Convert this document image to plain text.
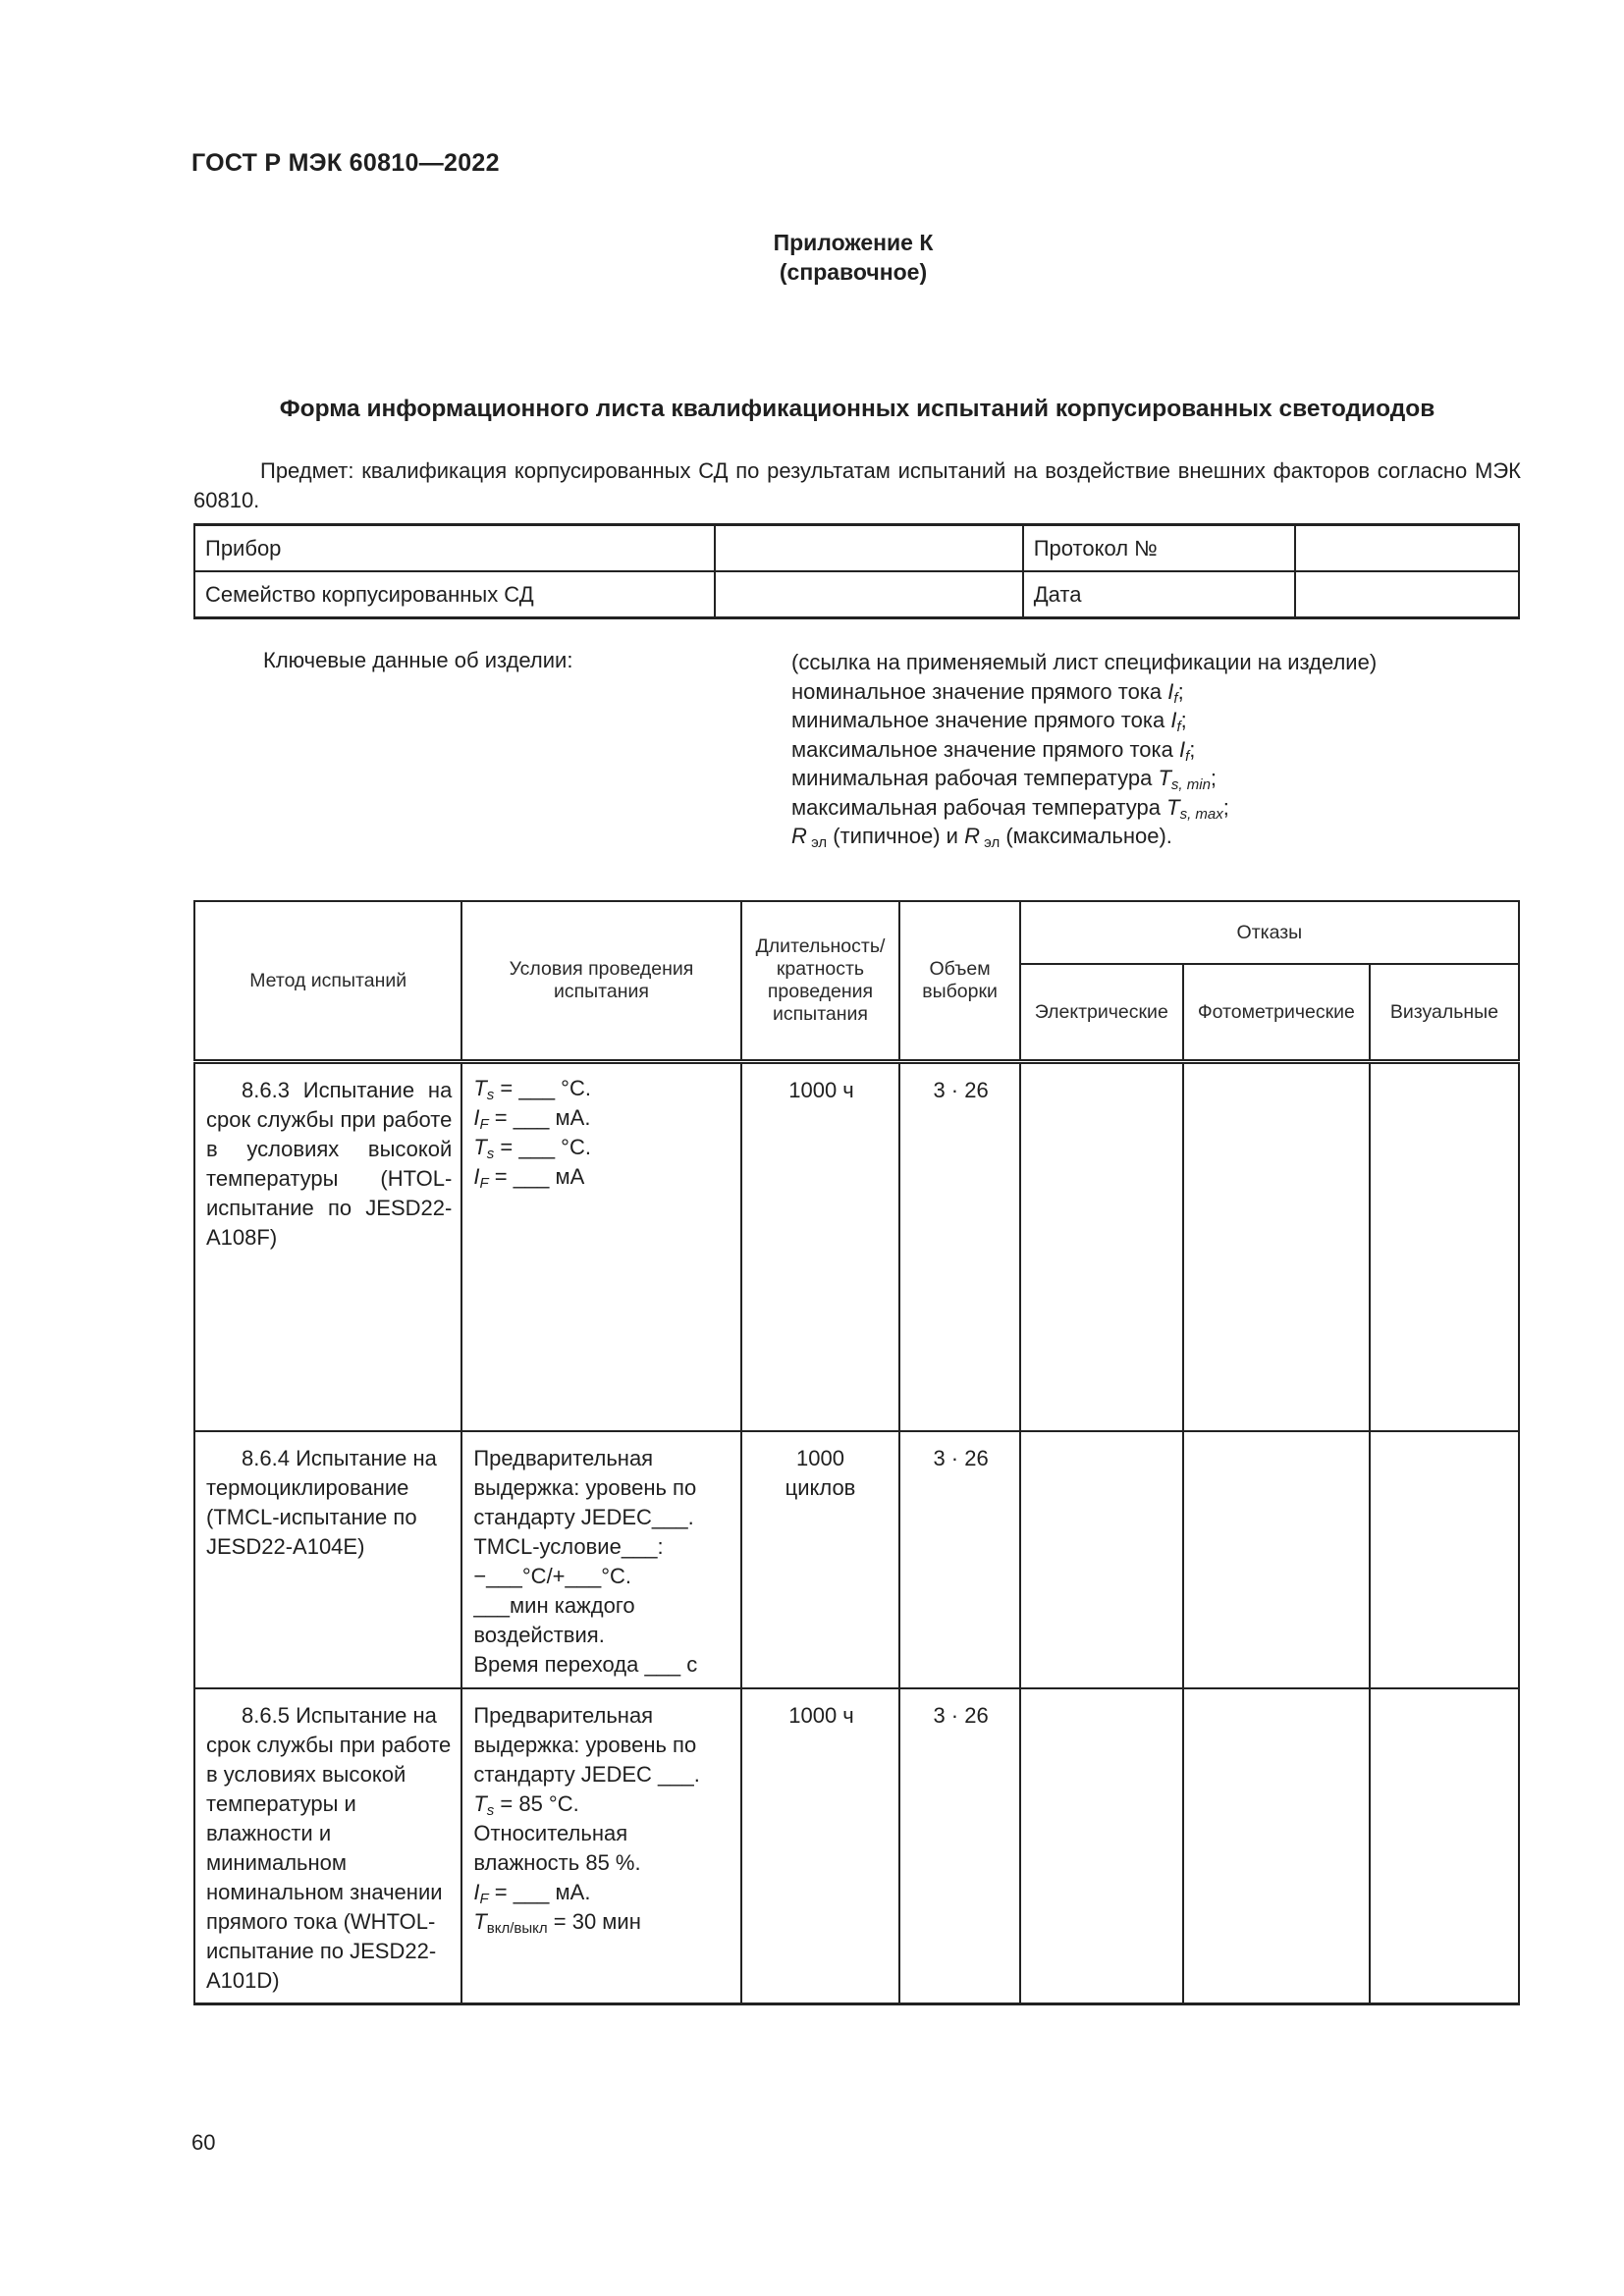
ГОСТ Р МЭК 60810—2022
Приложение К
(справочное)
Форма информационного листа квалификационных испытаний корпусированных светодиодов
Предмет: квалификация корпусированных СД по результатам испытаний на воздействие внешних факторов согласно МЭК 60810.
Прибор		Протокол №	
Семейство корпусированных СД		Дата	
Ключевые данные об изделии:	(ссылка на применяемый лист спецификации на изделие)
номинальное значение прямого тока $I_f$;
минимальное значение прямого тока $I_f$;
максимальное значение прямого тока $I_f$;
минимальная рабочая температура $T_{s, min}$;
максимальная рабочая температура $T_{s, max}$;
R $_{эл}$ (типичное) и R $_{эл}$ (максимальное).
Метод испытаний	Условия проведения испытания	Длительность/ кратность проведения испытания	Объем выборки	Отказы		

				Электрические	Фотометрические	Визуальные

8.6.3 Испытание на срок службы при работе в условиях высокой температуры (HTOL-испытание по JESD22-A108F)	$T_s$ = ___ °С.
$I_F$ = ___ мА.
$T_s$ = ___ °С.
$I_F$ = ___ мА	1000 ч	3 · 26			

8.6.4 Испытание на термоциклирование (TMCL-испытание по JESD22-A104E)	Предварительная выдержка: уровень по стандарту JEDEC___.
TMCL-условие___: −___°С/+___°С.
___мин каждого воздействия.
Время перехода ___ с	1000 циклов	3 · 26			

8.6.5 Испытание на срок службы при работе в условиях высокой температуры и влажности и минимальном номинальном значении прямого тока (WHTOL-испытание по JESD22-A101D)	Предварительная выдержка: уровень по стандарту JEDEC ___.
$T_s = 85$ °С.
Относительная влажность 85 %.
$I_F$ = ___ мА.
$T_{вкл/выкл} = 30$ мин	1000 ч	3 · 26			

60
